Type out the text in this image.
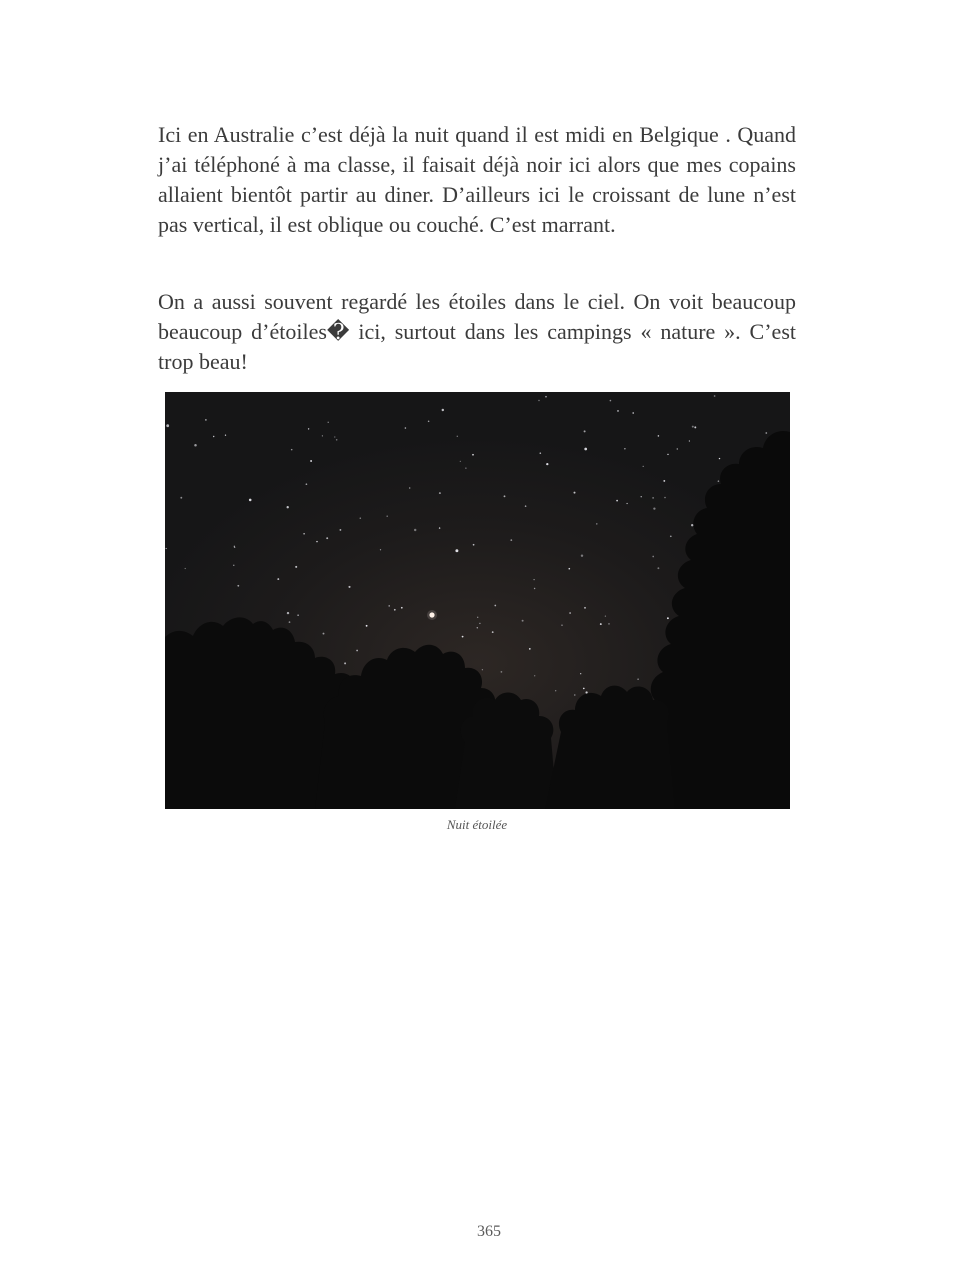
Ici en Australie c’est déjà la nuit quand il est midi en Belgique . Quand j’ai téléphoné à ma classe, il faisait déjà noir ici alors que mes copains allaient bientôt partir au diner. D’ailleurs ici le croissant de lune n’est pas vertical, il est oblique ou couché. C’est marrant.

On a aussi souvent regardé les étoiles dans le ciel. On voit beaucoup beaucoup d’étoiles� ici, surtout dans les campings « nature ». C’est trop beau!

Nuit étoilée
365
